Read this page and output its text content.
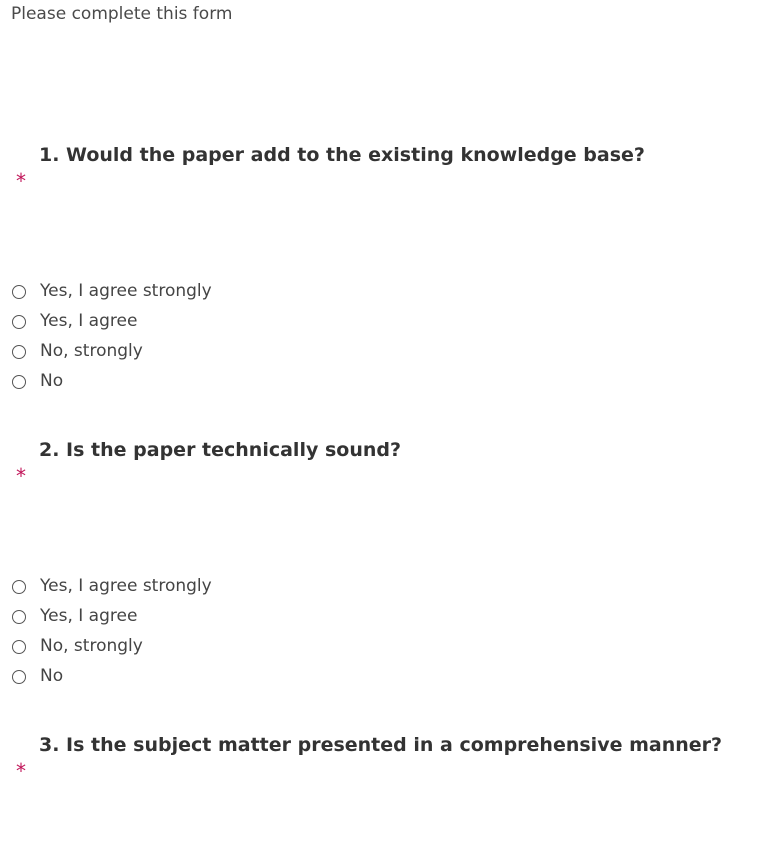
Please complete this form
1. Would the paper add to the existing knowledge base?
*
Yes, I agree strongly
Yes, I agree
No, strongly
No
2. Is the paper technically sound?
*
Yes, I agree strongly
Yes, I agree
No, strongly
No
3. Is the subject matter presented in a comprehensive manner?
*
